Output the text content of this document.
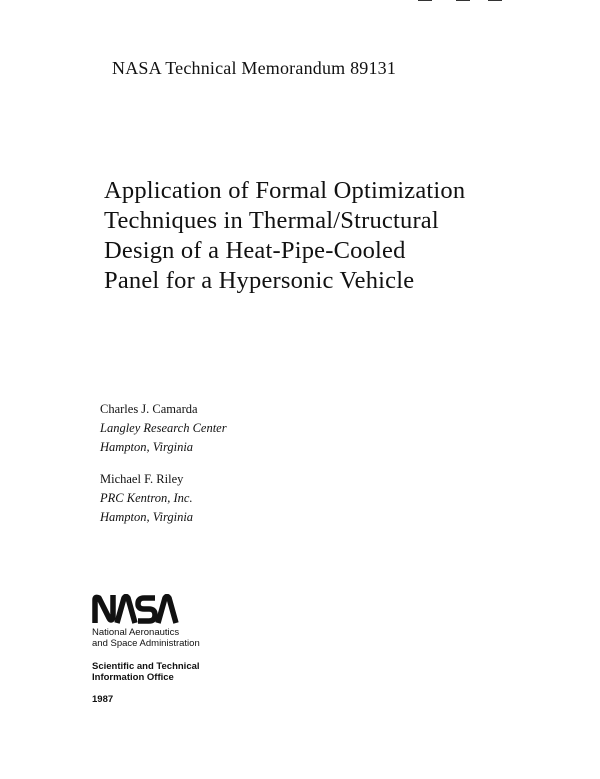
NASA Technical Memorandum 89131
Application of Formal Optimization
Techniques in Thermal/Structural
Design of a Heat-Pipe-Cooled
Panel for a Hypersonic Vehicle
Charles J. Camarda
Langley Research Center
Hampton, Virginia
Michael F. Riley
PRC Kentron, Inc.
Hampton, Virginia
National Aeronautics
and Space Administration
Scientific and Technical
Information Office
1987
